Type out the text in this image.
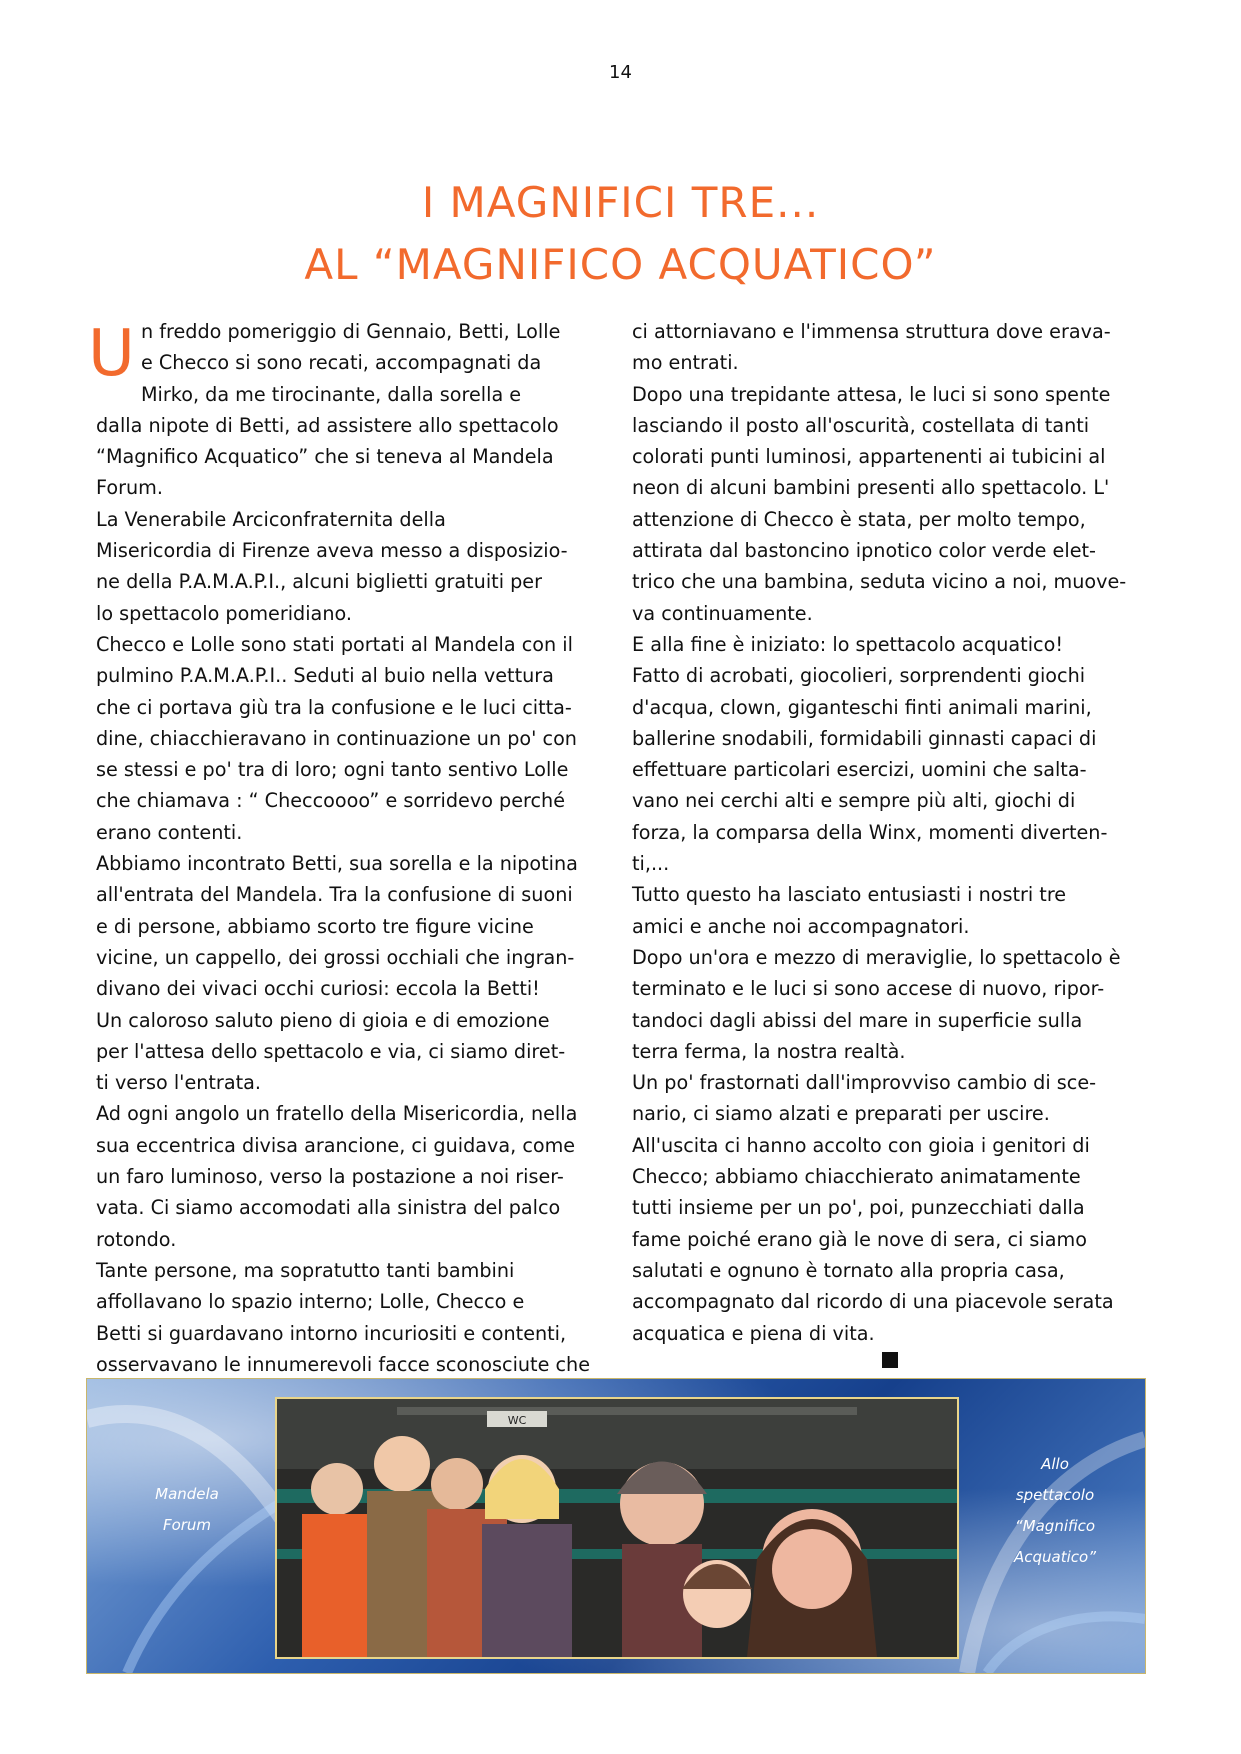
14
I MAGNIFICI TRE...
AL “MAGNIFICO ACQUATICO”
U n freddo pomeriggio di Gennaio, Betti, Lolle

e Checco si sono recati, accompagnati da

Mirko, da me tirocinante, dalla sorella e

dalla nipote di Betti, ad assistere allo spettacolo

“Magnifico Acquatico” che si teneva al Mandela

Forum.

La Venerabile Arciconfraternita della

Misericordia di Firenze aveva messo a disposizio-

ne della P.A.M.A.P.I., alcuni biglietti gratuiti per

lo spettacolo pomeridiano.

Checco e Lolle sono stati portati al Mandela con il

pulmino P.A.M.A.P.I.. Seduti al buio nella vettura

che ci portava giù tra la confusione e le luci citta-

dine, chiacchieravano in continuazione un po' con

se stessi e po' tra di loro; ogni tanto sentivo Lolle

che chiamava : “ Checcoooo” e sorridevo perché

erano contenti.

Abbiamo incontrato Betti, sua sorella e la nipotina

all'entrata del Mandela. Tra la confusione di suoni

e di persone, abbiamo scorto tre figure vicine

vicine, un cappello, dei grossi occhiali che ingran-

divano dei vivaci occhi curiosi: eccola la Betti!

Un caloroso saluto pieno di gioia e di emozione

per l'attesa dello spettacolo e via, ci siamo diret-

ti verso l'entrata.

Ad ogni angolo un fratello della Misericordia, nella

sua eccentrica divisa arancione, ci guidava, come

un faro luminoso, verso la postazione a noi riser-

vata. Ci siamo accomodati alla sinistra del palco

rotondo.

Tante persone, ma sopratutto tanti bambini

affollavano lo spazio interno; Lolle, Checco e

Betti si guardavano intorno incuriositi e contenti,

osservavano le innumerevoli facce sconosciute che

ci attorniavano e l'immensa struttura dove erava-

mo entrati.

Dopo una trepidante attesa, le luci si sono spente

lasciando il posto all'oscurità, costellata di tanti

colorati punti luminosi, appartenenti ai tubicini al

neon di alcuni bambini presenti allo spettacolo. L'

attenzione di Checco è stata, per molto tempo,

attirata dal bastoncino ipnotico color verde elet-

trico che una bambina, seduta vicino a noi, muove-

va continuamente.

E alla fine è iniziato: lo spettacolo acquatico!

Fatto di acrobati, giocolieri, sorprendenti giochi

d'acqua, clown, giganteschi finti animali marini,

ballerine snodabili, formidabili ginnasti capaci di

effettuare particolari esercizi, uomini che salta-

vano nei cerchi alti e sempre più alti, giochi di

forza, la comparsa della Winx, momenti diverten-

ti,...

Tutto questo ha lasciato entusiasti i nostri tre

amici e anche noi accompagnatori.

Dopo un'ora e mezzo di meraviglie, lo spettacolo è

terminato e le luci si sono accese di nuovo, ripor-

tandoci dagli abissi del mare in superficie sulla

terra ferma, la nostra realtà.

Un po' frastornati dall'improvviso cambio di sce-

nario, ci siamo alzati e preparati per uscire.

All'uscita ci hanno accolto con gioia i genitori di

Checco; abbiamo chiacchierato animatamente

tutti insieme per un po', poi, punzecchiati dalla

fame poiché erano già le nove di sera, ci siamo

salutati e ognuno è tornato alla propria casa,

accompagnato dal ricordo di una piacevole serata

acquatica e piena di vita.

Mandela

Forum

WC

Allo

spettacolo

“Magnifico

Acquatico”
